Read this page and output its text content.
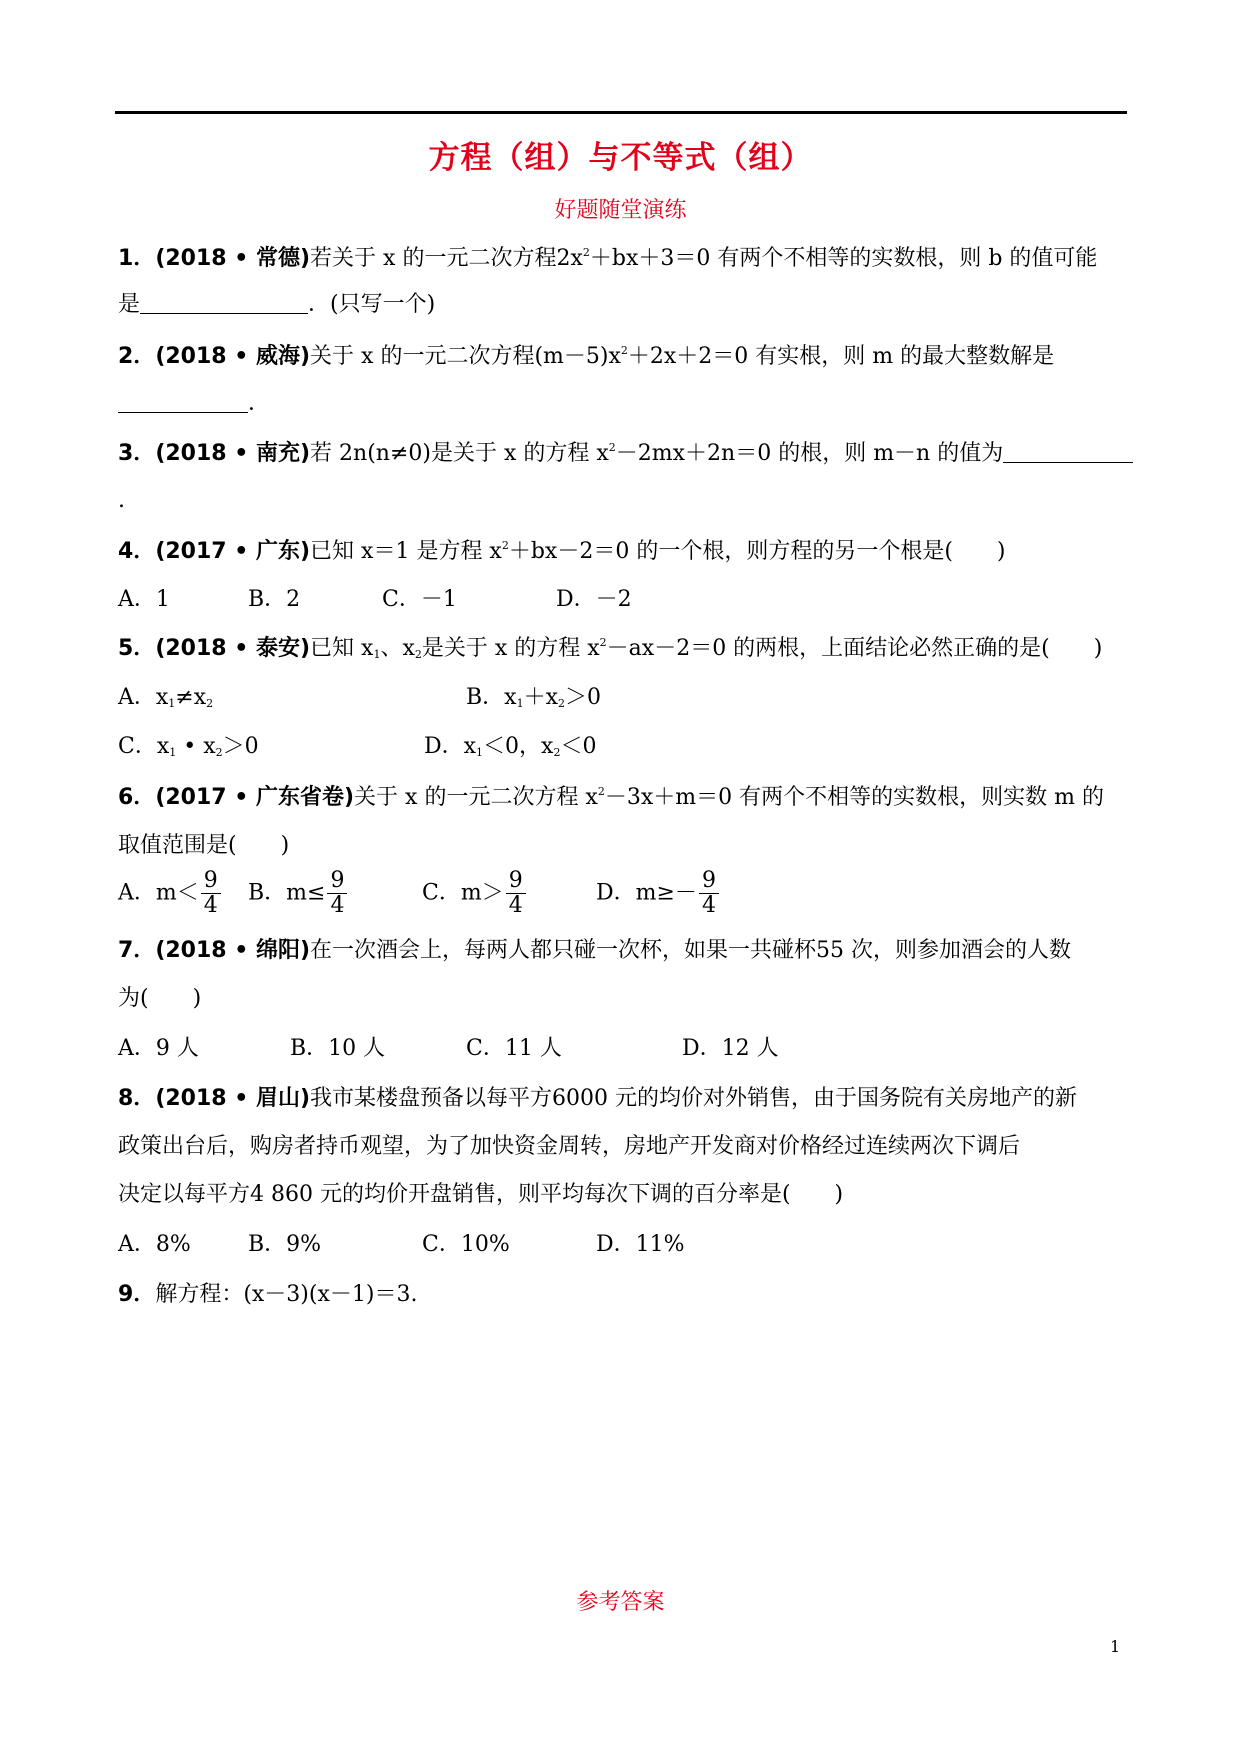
方程（组）与不等式（组）
好题随堂演练
1．(2018 • 常德)若关于 x 的一元二次方程$2x^2+bx+3=0$ 有两个不相等的实数根，则 b 的值可能
是	．(只写一个)
2．(2018 • 威海)关于 x 的一元二次方程$(m-5)x^2+2x+2=0$ 有实根，则 m 的最大整数解是
．
3．(2018 • 南充)若 2n(n≠0)是关于 x 的方程 $x^2-2mx+2n=0$ 的根，则 m－n 的值为
.
4．(2017 • 广东)已知 x＝1 是方程 $x^2+bx-2=0$ 的一个根，则方程的另一个根是(　　)
A．1	B．2	C．－1	D．－2
5．(2018 • 泰安)已知 $x_1$、$x_2$是关于 x 的方程 $x^2-ax-2=0$ 的两根，上面结论必然正确的是(　　)
A．$x_1\ne x_2$	B．$x_1+x_2>0$
C．$x_1$ • $x_2>0$	D．$x_1<0$，$x_2<0$
6．(2017 • 广东省卷)关于 x 的一元二次方程 $x^2-3x+m=0$ 有两个不相等的实数根，则实数 m 的
取值范围是(　　)
A．$m< \frac{9}{4}$ B．$m\le \frac{9}{4}$	C．$m> \frac{9}{4}$	D．$m\ge- \frac{9}{4}$
7．(2018 • 绵阳)在一次酒会上，每两人都只碰一次杯，如果一共碰杯55 次，则参加酒会的人数
为(　　)
A．9 人	B．10 人	C．11 人	D．12 人
8．(2018 • 眉山)我市某楼盘预备以每平方6000 元的均价对外销售，由于国务院有关房地产的新
政策出台后，购房者持币观望，为了加快资金周转，房地产开发商对价格经过连续两次下调后
决定以每平方4 860 元的均价开盘销售，则平均每次下调的百分率是(　　)
A．8%	B．9%	C．10%	D．11%
9．解方程：(x－3)(x－1)＝3.
参考答案
1
